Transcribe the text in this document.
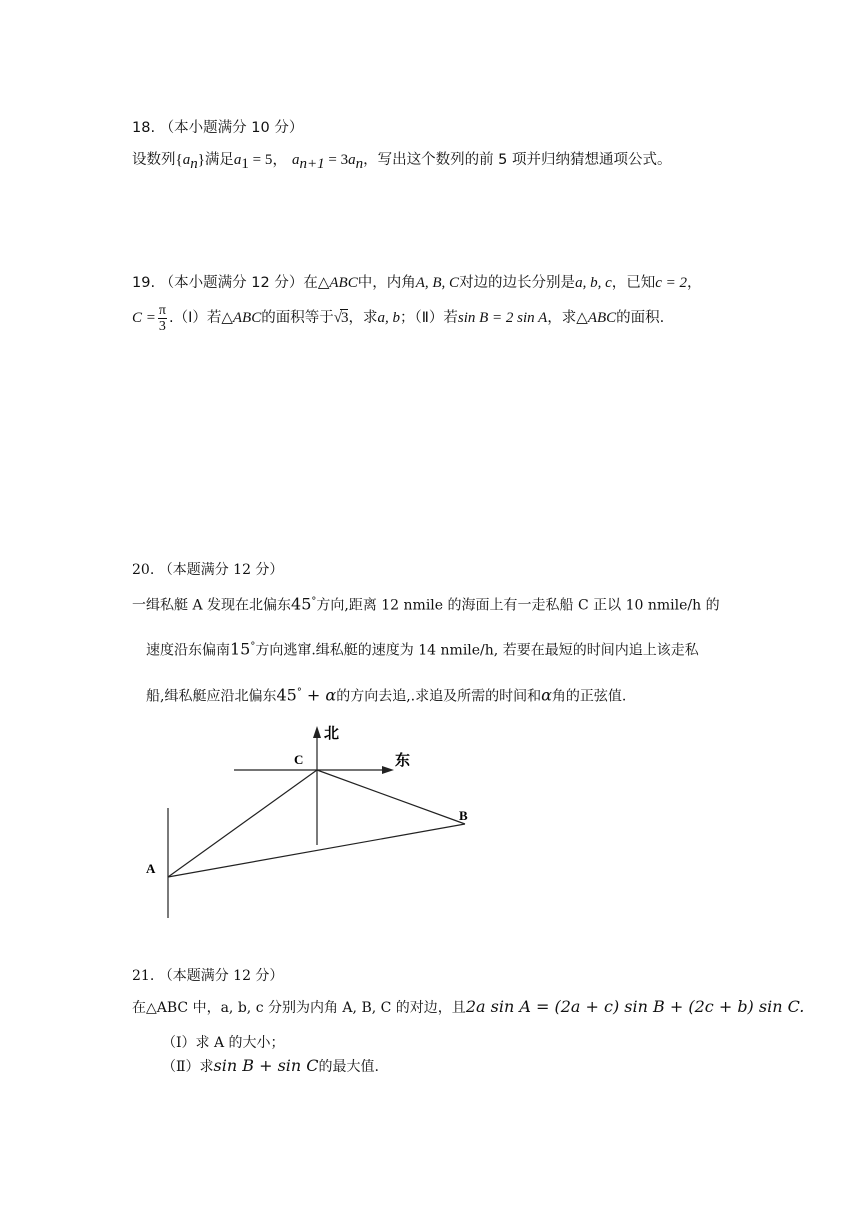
18. （本小题满分 10 分）
设数列$\{a_n\}$满足$a_1 = 5$， $a_{n+1} = 3a_n$，写出这个数列的前 5 项并归纳猜想通项公式。
19. （本小题满分 12 分）在△ABC中，内角A, B, C对边的边长分别是a, b, c，已知c = 2，
$C = \frac{\pi}{3}$ .（Ⅰ）若△ABC的面积等于√3，求a, b；（Ⅱ）若sin B = 2 sin A，求△ABC的面积.
20. （本题满分 12 分）
一缉私艇 A 发现在北偏东45°方向,距离 12 nmile 的海面上有一走私船 C 正以 10 nmile/h 的
速度沿东偏南15°方向逃窜.缉私艇的速度为 14 nmile/h, 若要在最短的时间内追上该走私
船,缉私艇应沿北偏东45° + α的方向去追,.求追及所需的时间和α角的正弦值.
北
东
C
B
A
21. （本题满分 12 分）
在△ABC 中，a, b, c 分别为内角 A, B, C 的对边，且2a sin A = (2a + c) sin B + (2c + b) sin C.
（Ⅰ）求 A 的大小；
（Ⅱ）求sin B + sin C的最大值.
